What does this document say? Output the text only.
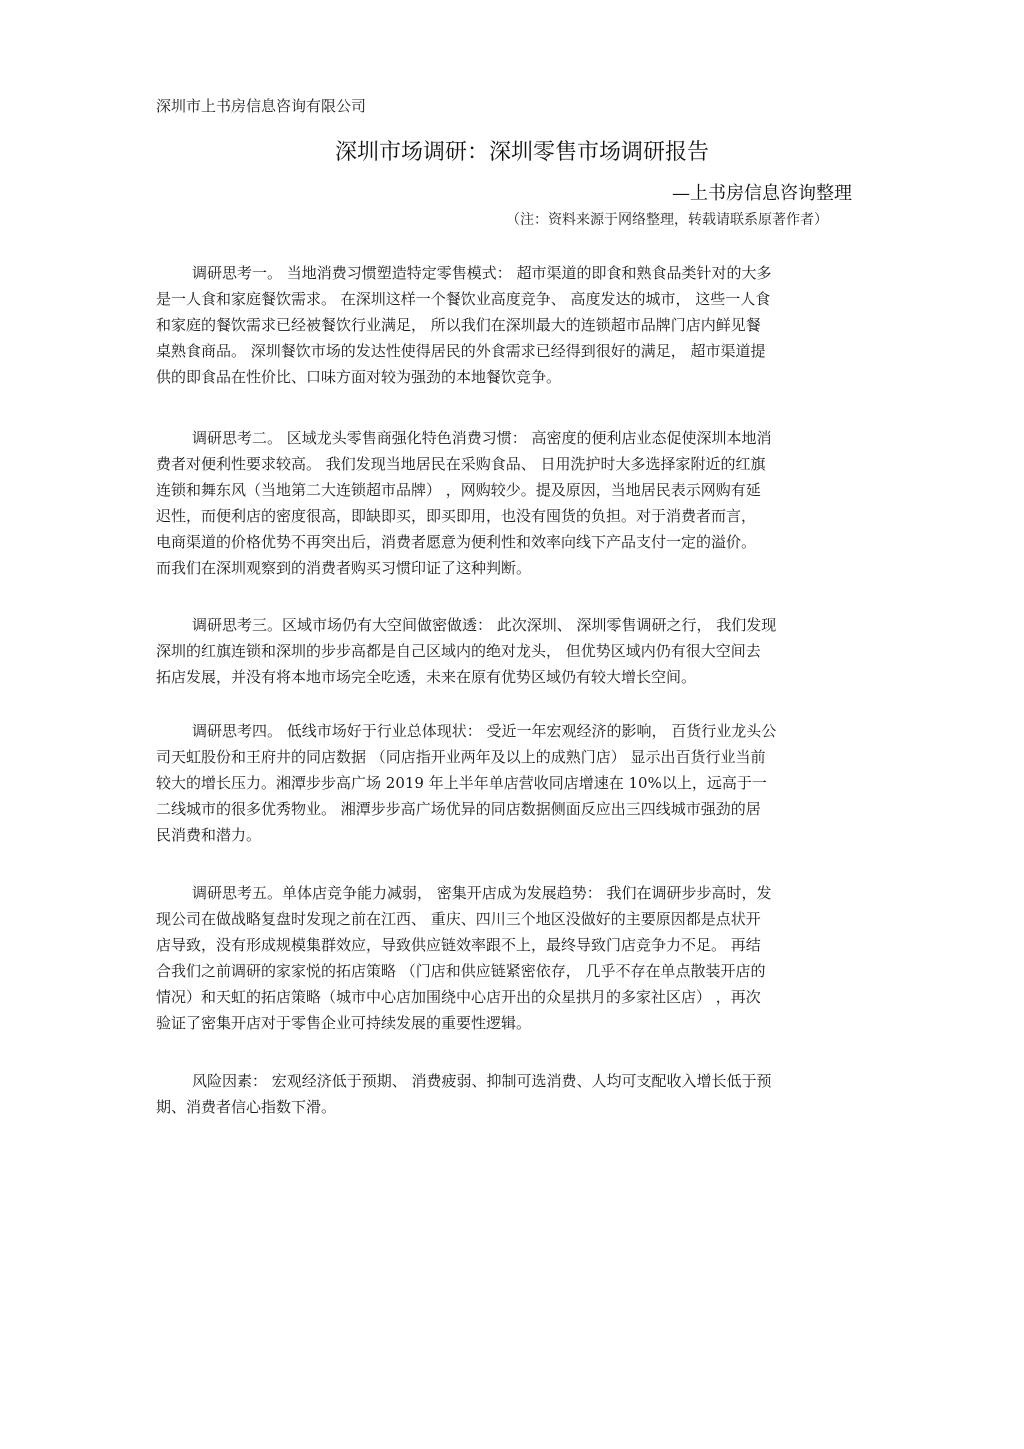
深圳市上书房信息咨询有限公司
深圳市场调研：深圳零售市场调研报告
—上书房信息咨询整理
（注：资料来源于网络整理，转载请联系原著作者）
调研思考一。 当地消费习惯塑造特定零售模式： 超市渠道的即食和熟食品类针对的大多
是一人食和家庭餐饮需求。 在深圳这样一个餐饮业高度竞争、 高度发达的城市， 这些一人食
和家庭的餐饮需求已经被餐饮行业满足， 所以我们在深圳最大的连锁超市品牌门店内鲜见餐
桌熟食商品。 深圳餐饮市场的发达性使得居民的外食需求已经得到很好的满足， 超市渠道提
供的即食品在性价比、口味方面对较为强劲的本地餐饮竞争。
调研思考二。 区域龙头零售商强化特色消费习惯： 高密度的便利店业态促使深圳本地消
费者对便利性要求较高。 我们发现当地居民在采购食品、 日用洗护时大多选择家附近的红旗
连锁和舞东风（当地第二大连锁超市品牌） ，网购较少。提及原因，当地居民表示网购有延
迟性，而便利店的密度很高，即缺即买，即买即用，也没有囤货的负担。对于消费者而言，
电商渠道的价格优势不再突出后，消费者愿意为便利性和效率向线下产品支付一定的溢价。
而我们在深圳观察到的消费者购买习惯印证了这种判断。
调研思考三。区域市场仍有大空间做密做透： 此次深圳、 深圳零售调研之行， 我们发现
深圳的红旗连锁和深圳的步步高都是自己区域内的绝对龙头， 但优势区域内仍有很大空间去
拓店发展，并没有将本地市场完全吃透，未来在原有优势区域仍有较大增长空间。
调研思考四。 低线市场好于行业总体现状： 受近一年宏观经济的影响， 百货行业龙头公
司天虹股份和王府井的同店数据 （同店指开业两年及以上的成熟门店） 显示出百货行业当前
较大的增长压力。湘潭步步高广场 2019 年上半年单店营收同店增速在 10%以上，远高于一
二线城市的很多优秀物业。 湘潭步步高广场优异的同店数据侧面反应出三四线城市强劲的居
民消费和潜力。
调研思考五。单体店竞争能力减弱， 密集开店成为发展趋势： 我们在调研步步高时，发
现公司在做战略复盘时发现之前在江西、 重庆、四川三个地区没做好的主要原因都是点状开
店导致，没有形成规模集群效应，导致供应链效率跟不上，最终导致门店竞争力不足。 再结
合我们之前调研的家家悦的拓店策略 （门店和供应链紧密依存， 几乎不存在单点散装开店的
情况）和天虹的拓店策略（城市中心店加围绕中心店开出的众星拱月的多家社区店） ，再次
验证了密集开店对于零售企业可持续发展的重要性逻辑。
风险因素： 宏观经济低于预期、 消费疲弱、抑制可选消费、人均可支配收入增长低于预
期、消费者信心指数下滑。
